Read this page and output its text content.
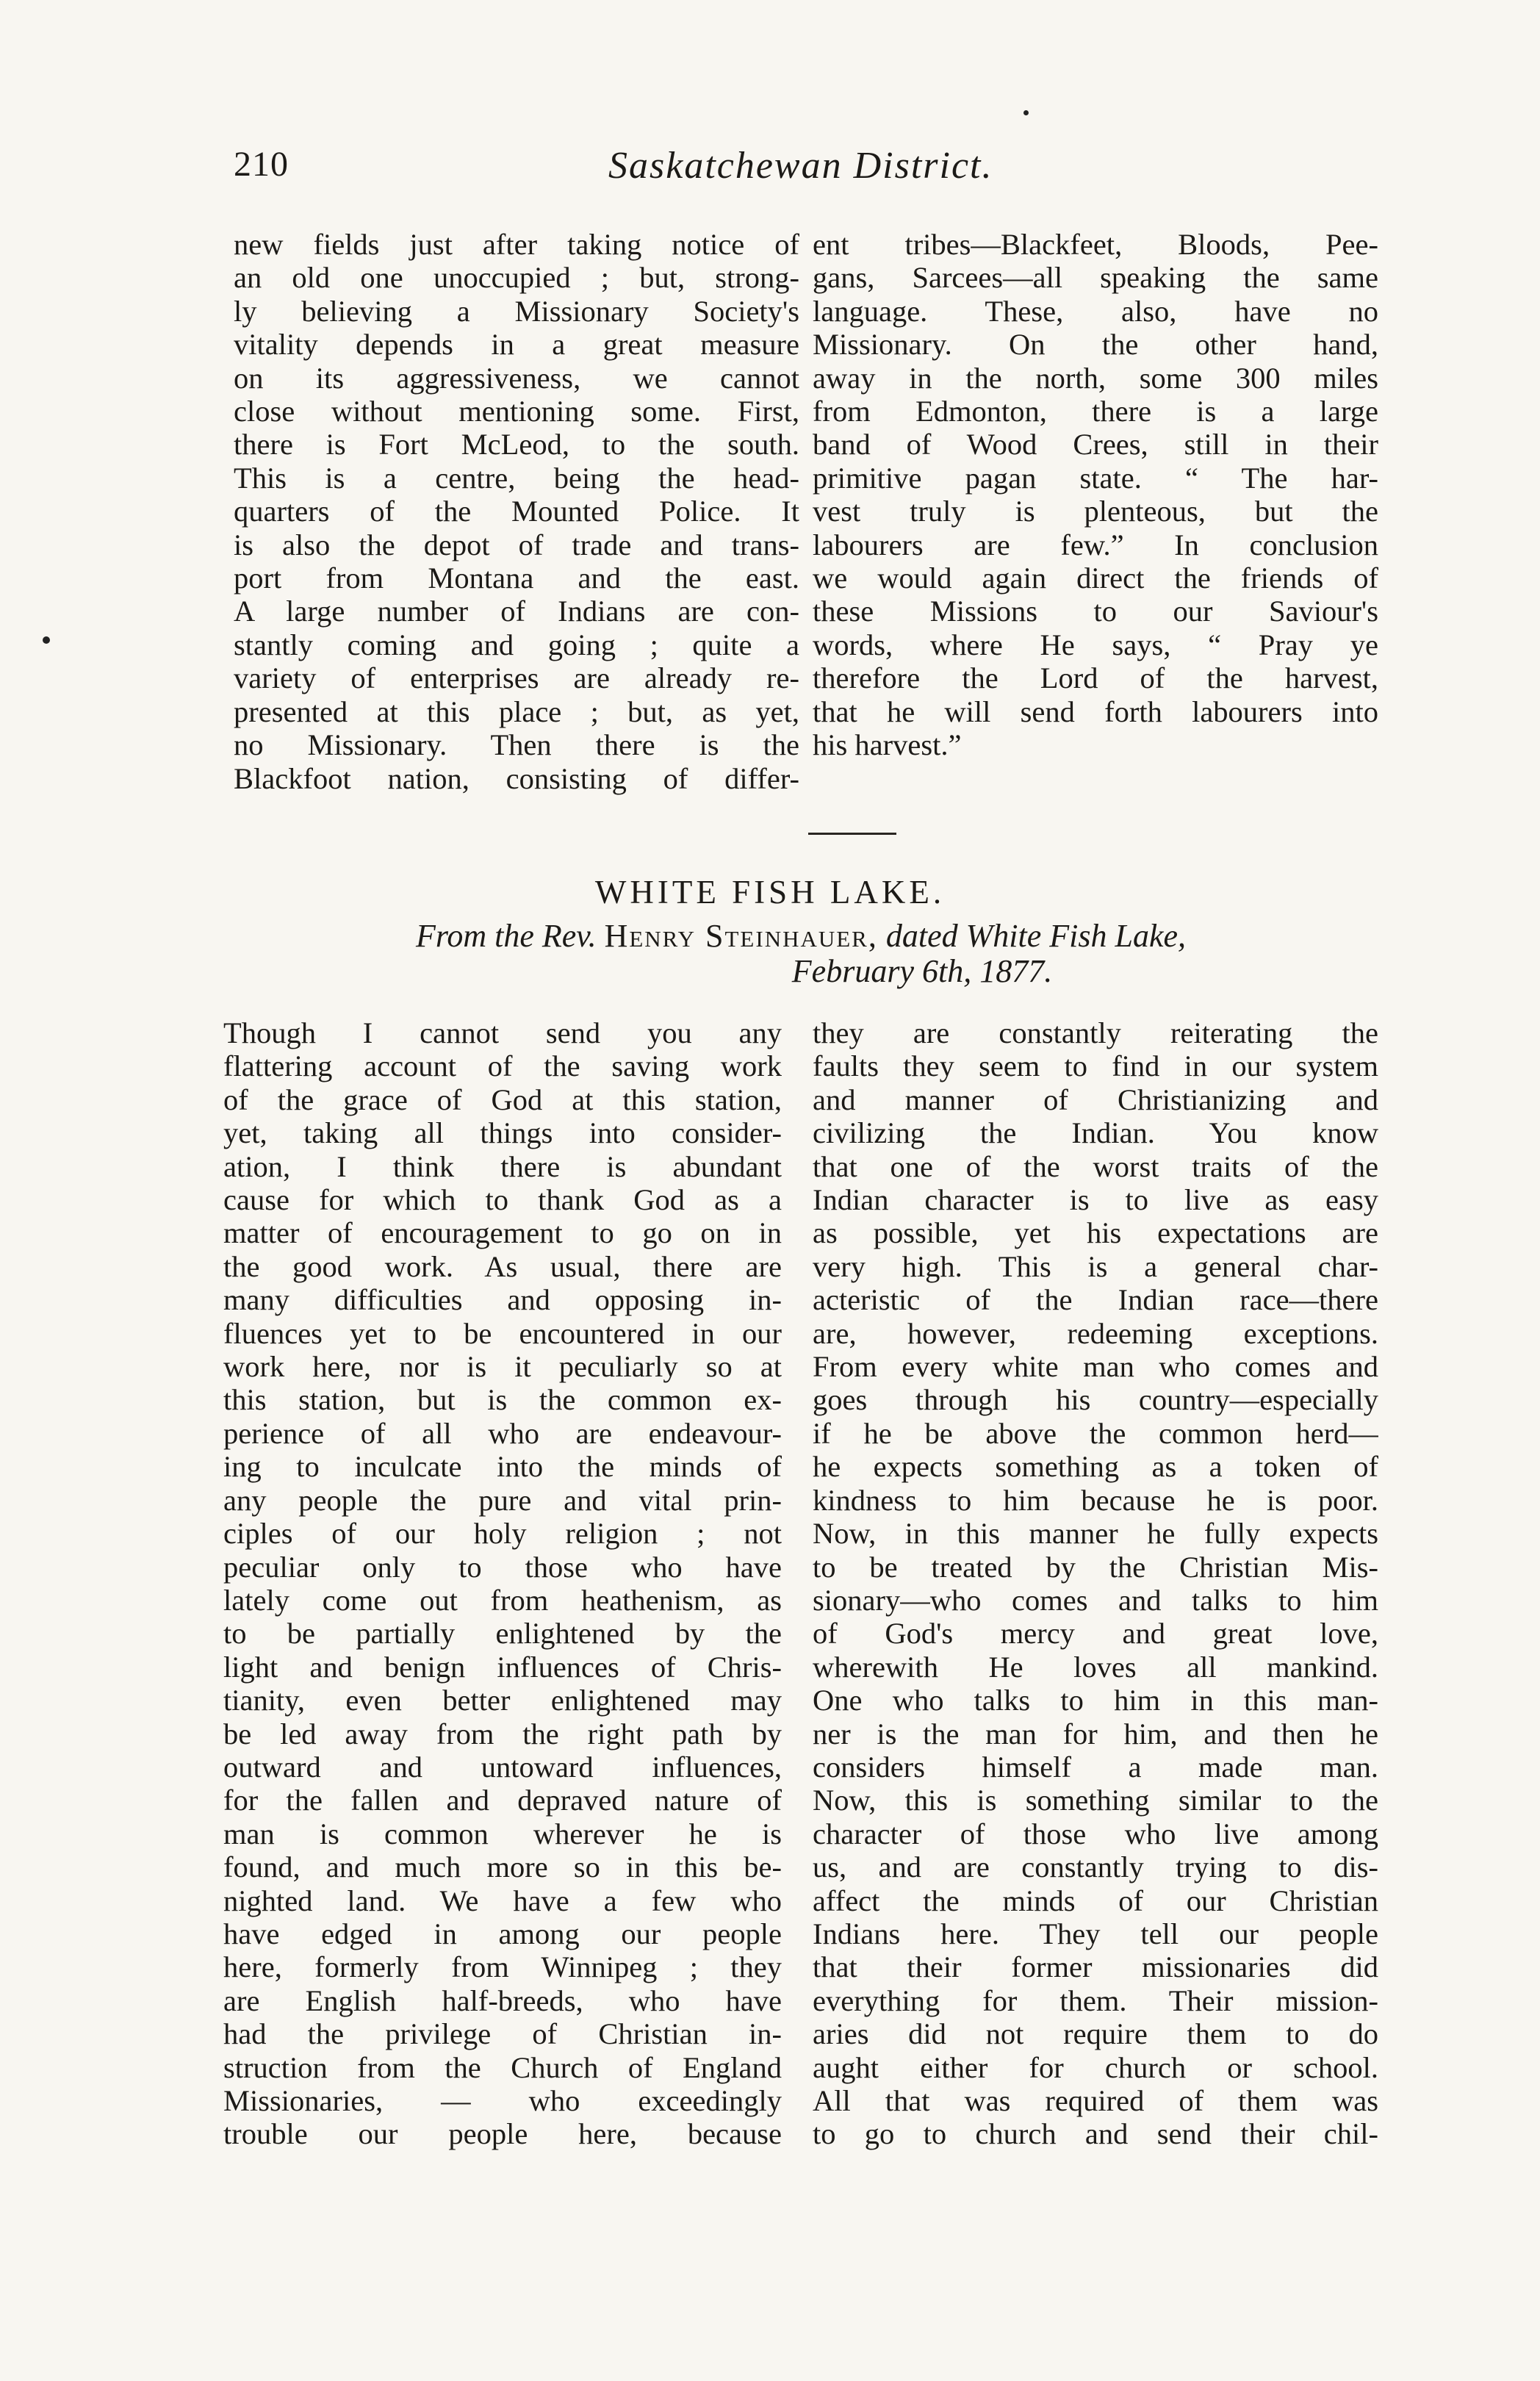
210	Saskatchewan District.
new fields just after taking notice of
an old one unoccupied ; but, strong-
ly believing a Missionary Society's
vitality depends in a great measure
on its aggressiveness, we cannot
close without mentioning some. First,
there is Fort McLeod, to the south.
This is a centre, being the head-
quarters of the Mounted Police. It
is also the depot of trade and trans-
port from Montana and the east.
A large number of Indians are con-
stantly coming and going ; quite a
variety of enterprises are already re-
presented at this place ; but, as yet,
no Missionary. Then there is the
Blackfoot nation, consisting of differ-
ent tribes—Blackfeet, Bloods, Pee-
gans, Sarcees—all speaking the same
language. These, also, have no
Missionary. On the other hand,
away in the north, some 300 miles
from Edmonton, there is a large
band of Wood Crees, still in their
primitive pagan state. “ The har-
vest truly is plenteous, but the
labourers are few.” In conclusion
we would again direct the friends of
these Missions to our Saviour's
words, where He says, “ Pray ye
therefore the Lord of the harvest,
that he will send forth labourers into
his harvest.”
WHITE FISH LAKE.
From the Rev. Henry Steinhauer, dated White Fish Lake,
February 6th, 1877.
Though I cannot send you any
flattering account of the saving work
of the grace of God at this station,
yet, taking all things into consider-
ation, I think there is abundant
cause for which to thank God as a
matter of encouragement to go on in
the good work. As usual, there are
many difficulties and opposing in-
fluences yet to be encountered in our
work here, nor is it peculiarly so at
this station, but is the common ex-
perience of all who are endeavour-
ing to inculcate into the minds of
any people the pure and vital prin-
ciples of our holy religion ; not
peculiar only to those who have
lately come out from heathenism, as
to be partially enlightened by the
light and benign influences of Chris-
tianity, even better enlightened may
be led away from the right path by
outward and untoward influences,
for the fallen and depraved nature of
man is common wherever he is
found, and much more so in this be-
nighted land. We have a few who
have edged in among our people
here, formerly from Winnipeg ; they
are English half-breeds, who have
had the privilege of Christian in-
struction from the Church of England
Missionaries, — who exceedingly
trouble our people here, because
they are constantly reiterating the
faults they seem to find in our system
and manner of Christianizing and
civilizing the Indian. You know
that one of the worst traits of the
Indian character is to live as easy
as possible, yet his expectations are
very high. This is a general char-
acteristic of the Indian race—there
are, however, redeeming exceptions.
From every white man who comes and
goes through his country—especially
if he be above the common herd—
he expects something as a token of
kindness to him because he is poor.
Now, in this manner he fully expects
to be treated by the Christian Mis-
sionary—who comes and talks to him
of God's mercy and great love,
wherewith He loves all mankind.
One who talks to him in this man-
ner is the man for him, and then he
considers himself a made man.
Now, this is something similar to the
character of those who live among
us, and are constantly trying to dis-
affect the minds of our Christian
Indians here. They tell our people
that their former missionaries did
everything for them. Their mission-
aries did not require them to do
aught either for church or school.
All that was required of them was
to go to church and send their chil-
